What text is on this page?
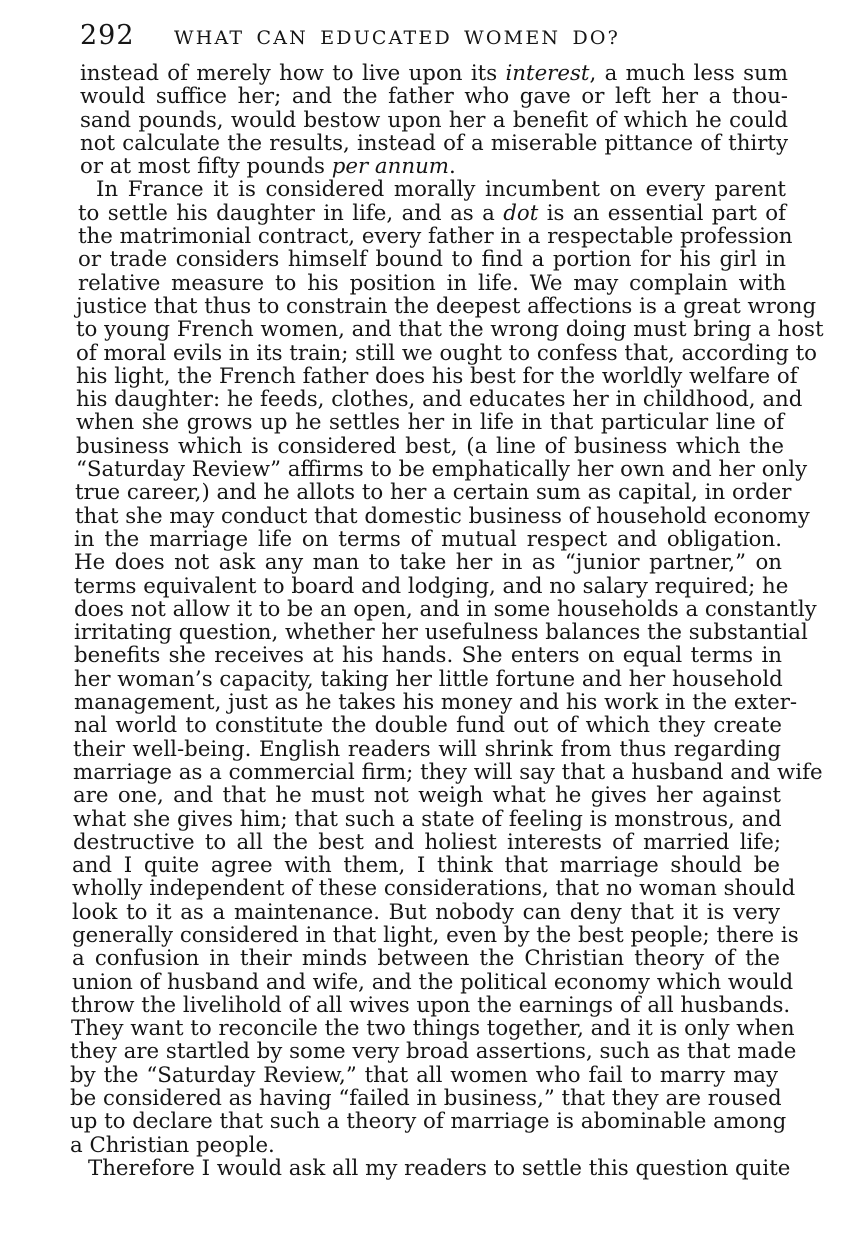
292	WHAT CAN EDUCATED WOMEN DO?
instead of merely how to live upon its interest, a much less sum
would suffice her; and the father who gave or left her a thou-
sand pounds, would bestow upon her a benefit of which he could
not calculate the results, instead of a miserable pittance of thirty
or at most fifty pounds per annum.
In France it is considered morally incumbent on every parent
to settle his daughter in life, and as a dot is an essential part of
the matrimonial contract, every father in a respectable profession
or trade considers himself bound to find a portion for his girl in
relative measure to his position in life. We may complain with
justice that thus to constrain the deepest affections is a great wrong
to young French women, and that the wrong doing must bring a host
of moral evils in its train; still we ought to confess that, according to
his light, the French father does his best for the worldly welfare of
his daughter: he feeds, clothes, and educates her in childhood, and
when she grows up he settles her in life in that particular line of
business which is considered best, (a line of business which the
“Saturday Review” affirms to be emphatically her own and her only
true career,) and he allots to her a certain sum as capital, in order
that she may conduct that domestic business of household economy
in the marriage life on terms of mutual respect and obligation.
He does not ask any man to take her in as “junior partner,” on
terms equivalent to board and lodging, and no salary required; he
does not allow it to be an open, and in some households a constantly
irritating question, whether her usefulness balances the substantial
benefits she receives at his hands. She enters on equal terms in
her woman’s capacity, taking her little fortune and her household
management, just as he takes his money and his work in the exter-
nal world to constitute the double fund out of which they create
their well-being. English readers will shrink from thus regarding
marriage as a commercial firm; they will say that a husband and wife
are one, and that he must not weigh what he gives her against
what she gives him; that such a state of feeling is monstrous, and
destructive to all the best and holiest interests of married life;
and I quite agree with them, I think that marriage should be
wholly independent of these considerations, that no woman should
look to it as a maintenance. But nobody can deny that it is very
generally considered in that light, even by the best people; there is
a confusion in their minds between the Christian theory of the
union of husband and wife, and the political economy which would
throw the livelihold of all wives upon the earnings of all husbands.
They want to reconcile the two things together, and it is only when
they are startled by some very broad assertions, such as that made
by the “Saturday Review,” that all women who fail to marry may
be considered as having “failed in business,” that they are roused
up to declare that such a theory of marriage is abominable among
a Christian people.
Therefore I would ask all my readers to settle this question quite
